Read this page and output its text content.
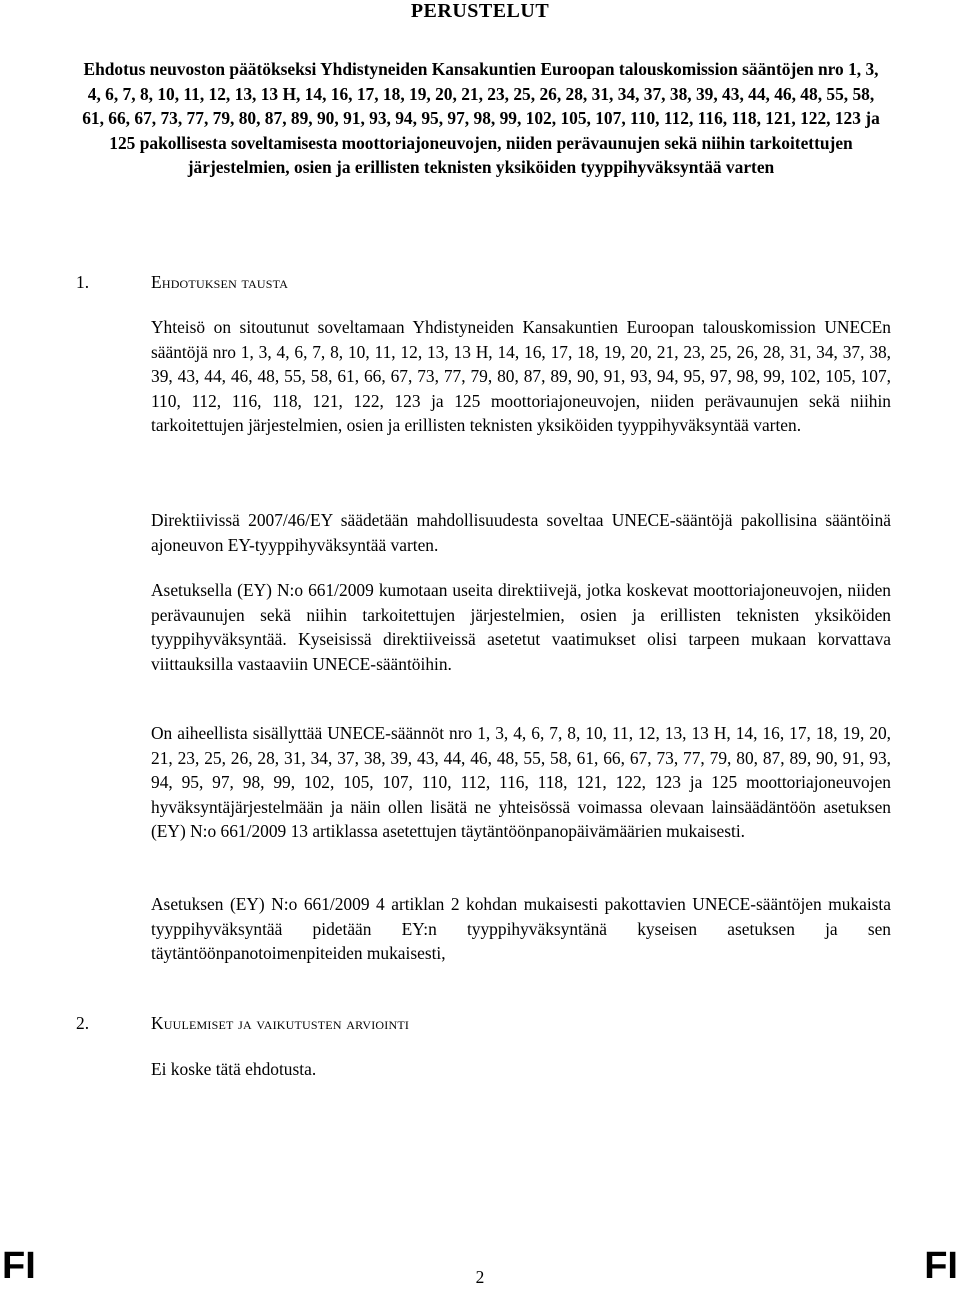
PERUSTELUT
Ehdotus neuvoston päätökseksi Yhdistyneiden Kansakuntien Euroopan talouskomission sääntöjen nro 1, 3, 4, 6, 7, 8, 10, 11, 12, 13, 13 H, 14, 16, 17, 18, 19, 20, 21, 23, 25, 26, 28, 31, 34, 37, 38, 39, 43, 44, 46, 48, 55, 58, 61, 66, 67, 73, 77, 79, 80, 87, 89, 90, 91, 93, 94, 95, 97, 98, 99, 102, 105, 107, 110, 112, 116, 118, 121, 122, 123 ja 125 pakollisesta soveltamisesta moottoriajoneuvojen, niiden perävaunujen sekä niihin tarkoitettujen järjestelmien, osien ja erillisten teknisten yksiköiden tyyppihyväksyntää varten
1.	Ehdotuksen tausta

Yhteisö on sitoutunut soveltamaan Yhdistyneiden Kansakuntien Euroopan talouskomission UNECEn sääntöjä nro 1, 3, 4, 6, 7, 8, 10, 11, 12, 13, 13 H, 14, 16, 17, 18, 19, 20, 21, 23, 25, 26, 28, 31, 34, 37, 38, 39, 43, 44, 46, 48, 55, 58, 61, 66, 67, 73, 77, 79, 80, 87, 89, 90, 91, 93, 94, 95, 97, 98, 99, 102, 105, 107, 110, 112, 116, 118, 121, 122, 123 ja 125 moottoriajoneuvojen, niiden perävaunujen sekä niihin tarkoitettujen järjestelmien, osien ja erillisten teknisten yksiköiden tyyppihyväksyntää varten.

Direktiivissä 2007/46/EY säädetään mahdollisuudesta soveltaa UNECE-sääntöjä pakollisina sääntöinä ajoneuvon EY-tyyppihyväksyntää varten.

Asetuksella (EY) N:o 661/2009 kumotaan useita direktiivejä, jotka koskevat moottoriajoneuvojen, niiden perävaunujen sekä niihin tarkoitettujen järjestelmien, osien ja erillisten teknisten yksiköiden tyyppihyväksyntää. Kyseisissä direktiiveissä asetetut vaatimukset olisi tarpeen mukaan korvattava viittauksilla vastaaviin UNECE-sääntöihin.

On aiheellista sisällyttää UNECE-säännöt nro 1, 3, 4, 6, 7, 8, 10, 11, 12, 13, 13 H, 14, 16, 17, 18, 19, 20, 21, 23, 25, 26, 28, 31, 34, 37, 38, 39, 43, 44, 46, 48, 55, 58, 61, 66, 67, 73, 77, 79, 80, 87, 89, 90, 91, 93, 94, 95, 97, 98, 99, 102, 105, 107, 110, 112, 116, 118, 121, 122, 123 ja 125 moottoriajoneuvojen hyväksyntäjärjestelmään ja näin ollen lisätä ne yhteisössä voimassa olevaan lainsäädäntöön asetuksen (EY) N:o 661/2009 13 artiklassa asetettujen täytäntöönpanopäivämäärien mukaisesti.

Asetuksen (EY) N:o 661/2009 4 artiklan 2 kohdan mukaisesti pakottavien UNECE-sääntöjen mukaista tyyppihyväksyntää pidetään EY:n tyyppihyväksyntänä kyseisen asetuksen ja sen täytäntöönpanotoimenpiteiden mukaisesti,

2.	Kuulemiset ja vaikutusten arviointi

Ei koske tätä ehdotusta.

FI	2	FI
